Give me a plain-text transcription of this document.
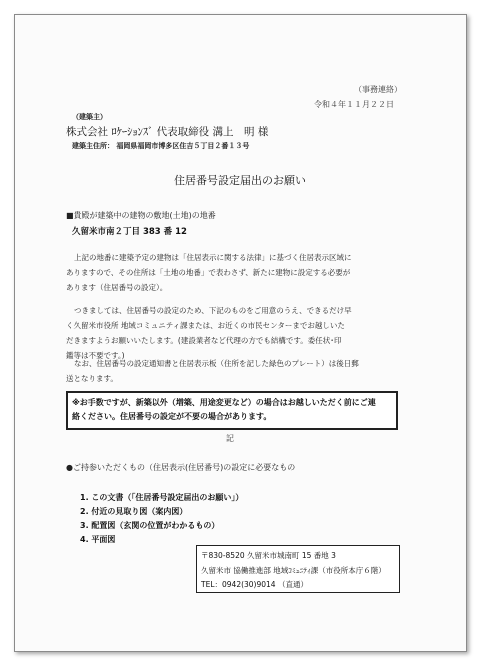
（事務連絡）
令和４年１１月２２日
（建築主）
株式会社 ﾛｹｰｼｮﾝｽﾞ 代表取締役 溝上　明 様
建築主住所： 福岡県福岡市博多区住吉５丁目２番１３号
住居番号設定届出のお願い
■貴殿が建築中の建物の敷地(土地)の地番
久留米市南２丁目 383 番 12
上記の地番に建築予定の建物は「住居表示に関する法律」に基づく住居表示区域に
ありますので、その住所は「土地の地番」で表わさず、新たに建物に設定する必要が
あります（住居番号の設定）。
つきましては、住居番号の設定のため、下記のものをご用意のうえ、できるだけ早
く久留米市役所 地域コミュニティ課または、お近くの市民センターまでお越しいた
だきますようお願いいたします。(建設業者など代理の方でも結構です。委任状･印
鑑等は不要です。)
なお、住居番号の設定通知書と住居表示板（住所を記した緑色のプレート）は後日郵
送となります。
※お手数ですが、新築以外（増築、用途変更など）の場合はお越しいただく前にご連
絡ください。住居番号の設定が不要の場合があります。
記
●ご持参いただくもの（住居表示(住居番号)の設定に必要なもの
1. この文書（「住居番号設定届出のお願い」）
2. 付近の見取り図（案内図）
3. 配置図（玄関の位置がわかるもの）
4. 平面図
〒830-8520 久留米市城南町 15 番地 3
久留米市 協働推進部 地域ｺﾐｭﾆﾃｨ課（市役所本庁６階）
TEL：0942(30)9014 （直通）
